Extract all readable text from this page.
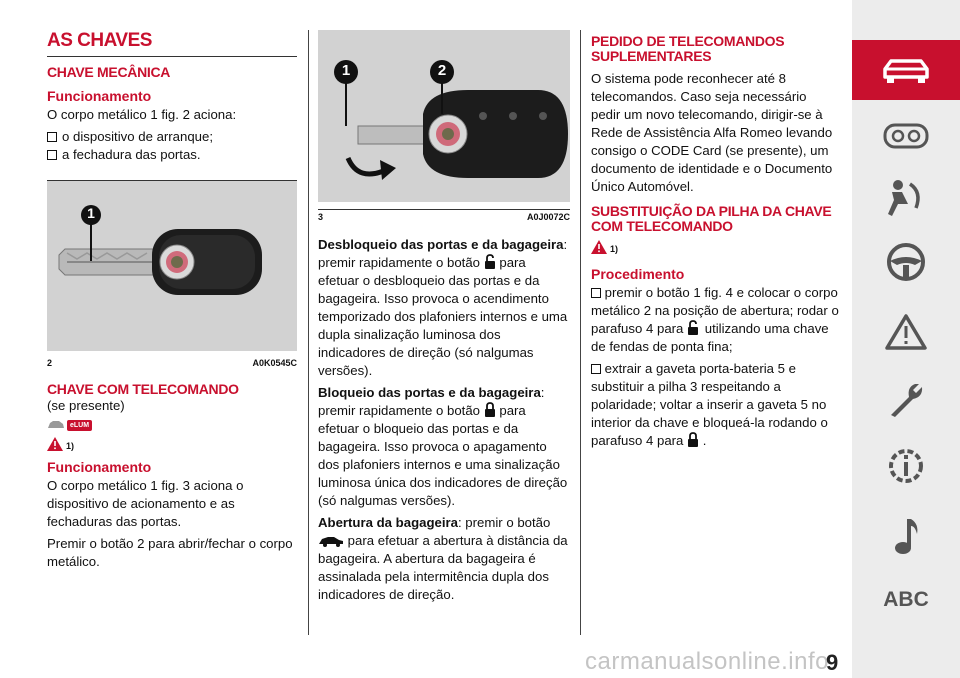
AS CHAVES
CHAVE MECÂNICA
Funcionamento

O corpo metálico 1 fig. 2 aciona:

o dispositivo de arranque;
a fechadura das portas.
1
2	A0K0545C
CHAVE COM TELECOMANDO

(se presente)

eLUM
1)
Funcionamento

O corpo metálico 1 fig. 3 aciona o dispositivo de acionamento e as fechaduras das portas.

Premir o botão 2 para abrir/fechar o corpo metálico.

1	2
3	A0J0072C

Desbloqueio das portas e da bagageira: premir rapidamente o botão para efetuar o desbloqueio das portas e da bagageira. Isso provoca o acendimento temporizado dos plafoniers internos e uma dupla sinalização luminosa dos indicadores de direção (só nalgumas versões).

Bloqueio das portas e da bagageira: premir rapidamente o botão para efetuar o bloqueio das portas e da bagageira. Isso provoca o apagamento dos plafoniers internos e uma sinalização luminosa única dos indicadores de direção (só nalgumas versões).

Abertura da bagageira: premir o botão
para efetuar a abertura à distância da bagageira. A abertura da bagageira é assinalada pela intermitência dupla dos indicadores de direção.

PEDIDO DE TELECOMANDOS SUPLEMENTARES

O sistema pode reconhecer até 8 telecomandos. Caso seja necessário pedir um novo telecomando, dirigir-se à Rede de Assistência Alfa Romeo levando consigo o CODE Card (se presente), um documento de identidade e o Documento Único Automóvel.

SUBSTITUIÇÃO DA PILHA DA CHAVE COM TELECOMANDO
1)
Procedimento

premir o botão 1 fig. 4 e colocar o corpo metálico 2 na posição de abertura; rodar o parafuso 4 para utilizando uma chave de fendas de ponta fina;

extrair a gaveta porta-bateria 5 e substituir a pilha 3 respeitando a polaridade; voltar a inserir a gaveta 5 no interior da chave e bloqueá-la rodando o parafuso 4 para .

ABC
carmanualsonline.info
9
